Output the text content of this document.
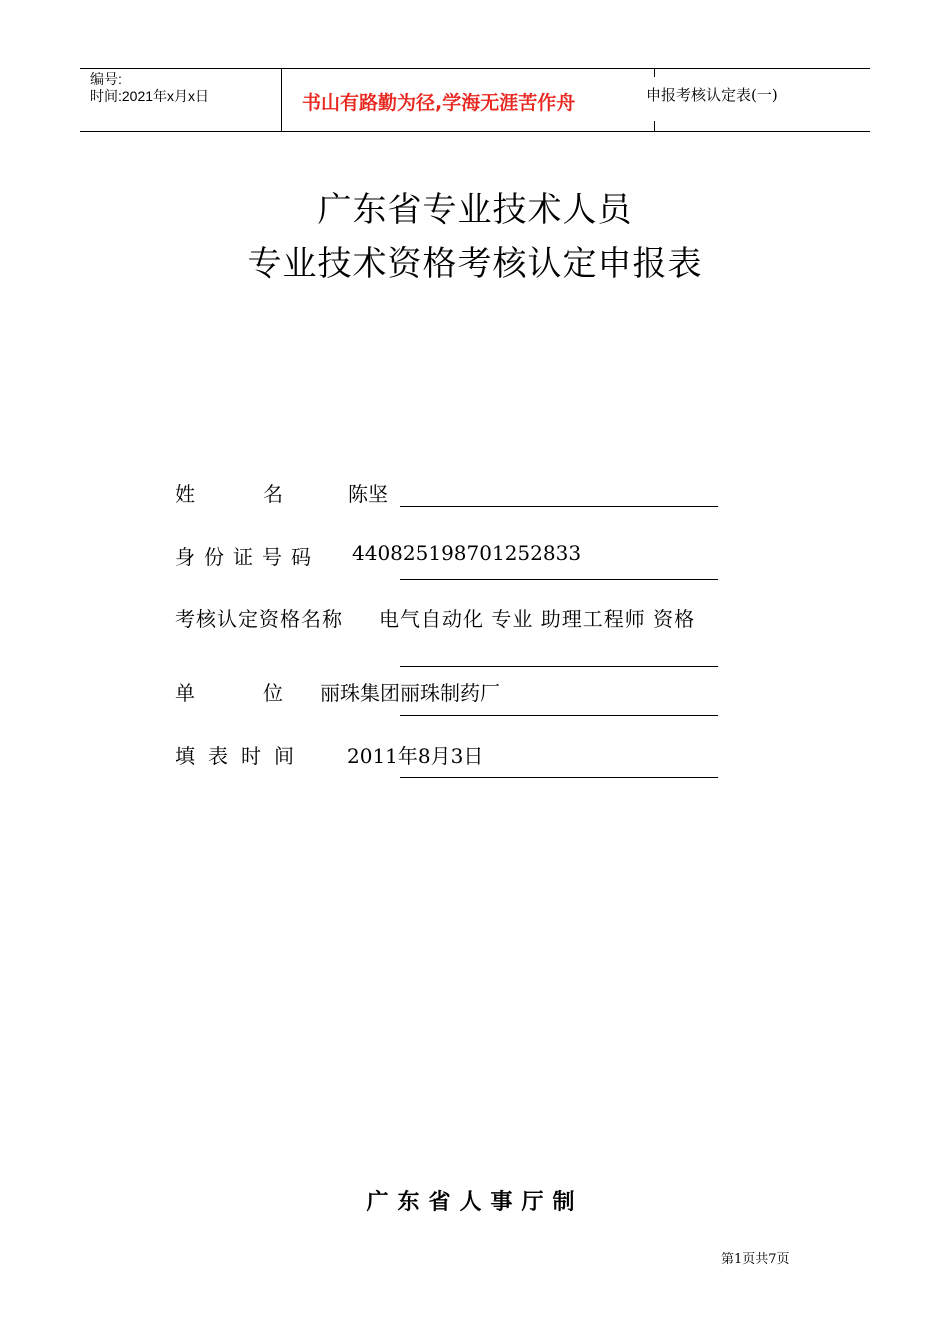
编号:
时间:2021年x月x日	书山有路勤为径,学海无涯苦作舟	申报考核认定表(一)
广东省专业技术人员
专业技术资格考核认定申报表
姓　　　名	陈坚
身份证号码 440825198701252833
考核认定资格名称 电气自动化 专业 助理工程师 资格
单　　　位 丽珠集团丽珠制药厂
填表时间 2011年8月3日
广东省人事厅制
第1页共7页
